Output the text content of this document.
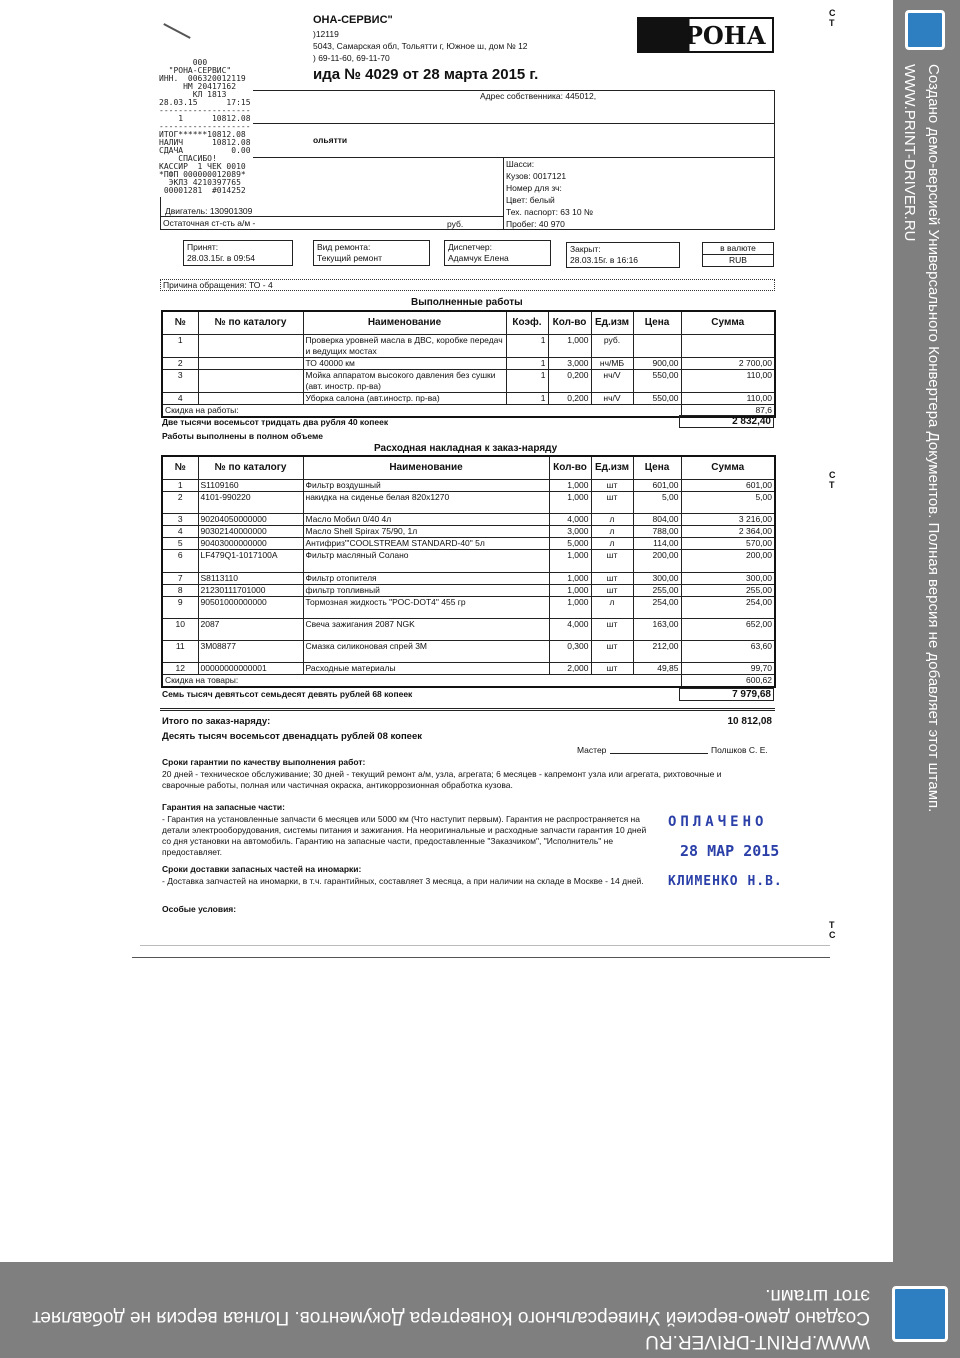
ОНА-СЕРВИС"
)12119
5043, Самарская обл, Тольятти г, Южное ш, дом № 12
) 69-11-60, 69-11-70
ида № 4029 от 28 марта 2015 г.
РОНА
000
"РОНА-СЕРВИС"
ИНН.  006320012119
НМ 20417162
КЛ 1813
28.03.15      17:15
-------------------
1      10812.08
-------------------
ИТОГ******10812.08
НАЛИЧ      10812.08
СДАЧА          0.00
СПАСИБО!
КАССИР  1 ЧЕК 0010
*ПФП 000000012089*
ЭКЛЗ 4210397765
00001281  #014252
Адрес собственника: 445012,
ольятти
Двигатель: 130901309
Остаточная ст-сть а/м -	руб.
Шасси:
Кузов: 0017121
Номер для зч:
Цвет: белый
Тех. паспорт: 63 10 №
Пробег: 40 970
Принят:
28.03.15г. в 09:54
Вид ремонта:
Текущий ремонт
Диспетчер:
Адамчук Елена
Закрыт:
28.03.15г. в 16:16
в валюте
RUB
Причина обращения: ТО - 4
Выполненные работы
№	№ по каталогу	Наименование	Коэф.	Кол-во	Ед.изм	Цена	Сумма
1		Проверка уровней масла в ДВС, коробке передач и ведущих мостах	1	1,000	руб.		
2		ТО 40000 км	1	3,000	нч/МБ	900,00	2 700,00
3		Мойка аппаратом высокого давления без сушки (авт. иностр. пр-ва)	1	0,200	нч/V	550,00	110,00
4		Уборка салона (авт.иностр. пр-ва)	1	0,200	нч/V	550,00	110,00
Скидка на работы:							87,6
Две тысячи восемьсот тридцать два рубля 40 копеек	2 832,40
Работы выполнены в полном объеме
Расходная накладная к заказ-наряду
№	№ по каталогу	Наименование	Кол-во	Ед.изм	Цена	Сумма
1	S1109160	Фильтр воздушный	1,000	шт	601,00	601,00
2	4101-990220	накидка на сиденье белая 820x1270	1,000	шт	5,00	5,00
3	90204050000000	Масло Мобил 0/40 4л	4,000	л	804,00	3 216,00
4	90302140000000	Масло Shell Spirax 75/90, 1л	3,000	л	788,00	2 364,00
5	90403000000000	Антифриз"'COOLSTREAM STANDARD-40" 5л	5,000	л	114,00	570,00
6	LF479Q1-1017100A	Фильтр масляный Солано	1,000	шт	200,00	200,00
7	S8113110	Фильтр отопителя	1,000	шт	300,00	300,00
8	21230111701000	фильтр топливный	1,000	шт	255,00	255,00
9	90501000000000	Тормозная жидкость "РОС-DOT4" 455 гр	1,000	л	254,00	254,00
10	2087	Свеча зажигания 2087 NGK	4,000	шт	163,00	652,00
11	3M08877	Смазка силиконовая спрей 3М	0,300	шт	212,00	63,60
12	00000000000001	Расходные материалы	2,000	шт	49,85	99,70
Скидка на товары:						600,62
Семь тысяч девятьсот семьдесят девять рублей 68 копеек	7 979,68
Итого по заказ-наряду:	10 812,08
Десять тысяч восемьсот двенадцать рублей 08 копеек
Мастер	Полшков С. Е.
Сроки гарантии по качеству выполнения работ:
20 дней - техническое обслуживание; 30 дней - текущий ремонт а/м, узла, агрегата; 6 месяцев - капремонт узла или агрегата, рихтовочные и сварочные работы, полная или частичная окраска, антикоррозионная обработка кузова.
Гарантия на запасные части:
- Гарантия на установленные запчасти 6 месяцев или 5000 км (Что наступит первым). Гарантия не распространяется на детали электрооборудования, системы питания и зажигания. На неоригинальные и расходные запчасти гарантия 10 дней со дня установки на автомобиль. Гарантию на запасные части, предоставленные "Заказчиком", "Исполнитель" не предоставляет.
Сроки доставки запасных частей на иномарки:
- Доставка запчастей на иномарки, в т.ч. гарантийных, составляет 3 месяца, а при наличии на складе в Москве - 14 дней.
Особые условия:
ОПЛАЧЕНО
28 МАР 2015
КЛИМЕНКО Н.В.
С
Т
С
Т
Т
С
Создано демо-версией Универсального Конвертера Документов. Полная версия не добавляет этот штамп.
WWW.PRINT-DRIVER.RU
WWW.PRINT-DRIVER.RU
Создано демо-версией Универсального Конвертера Документов. Полная версия не добавляет этот штамп.
